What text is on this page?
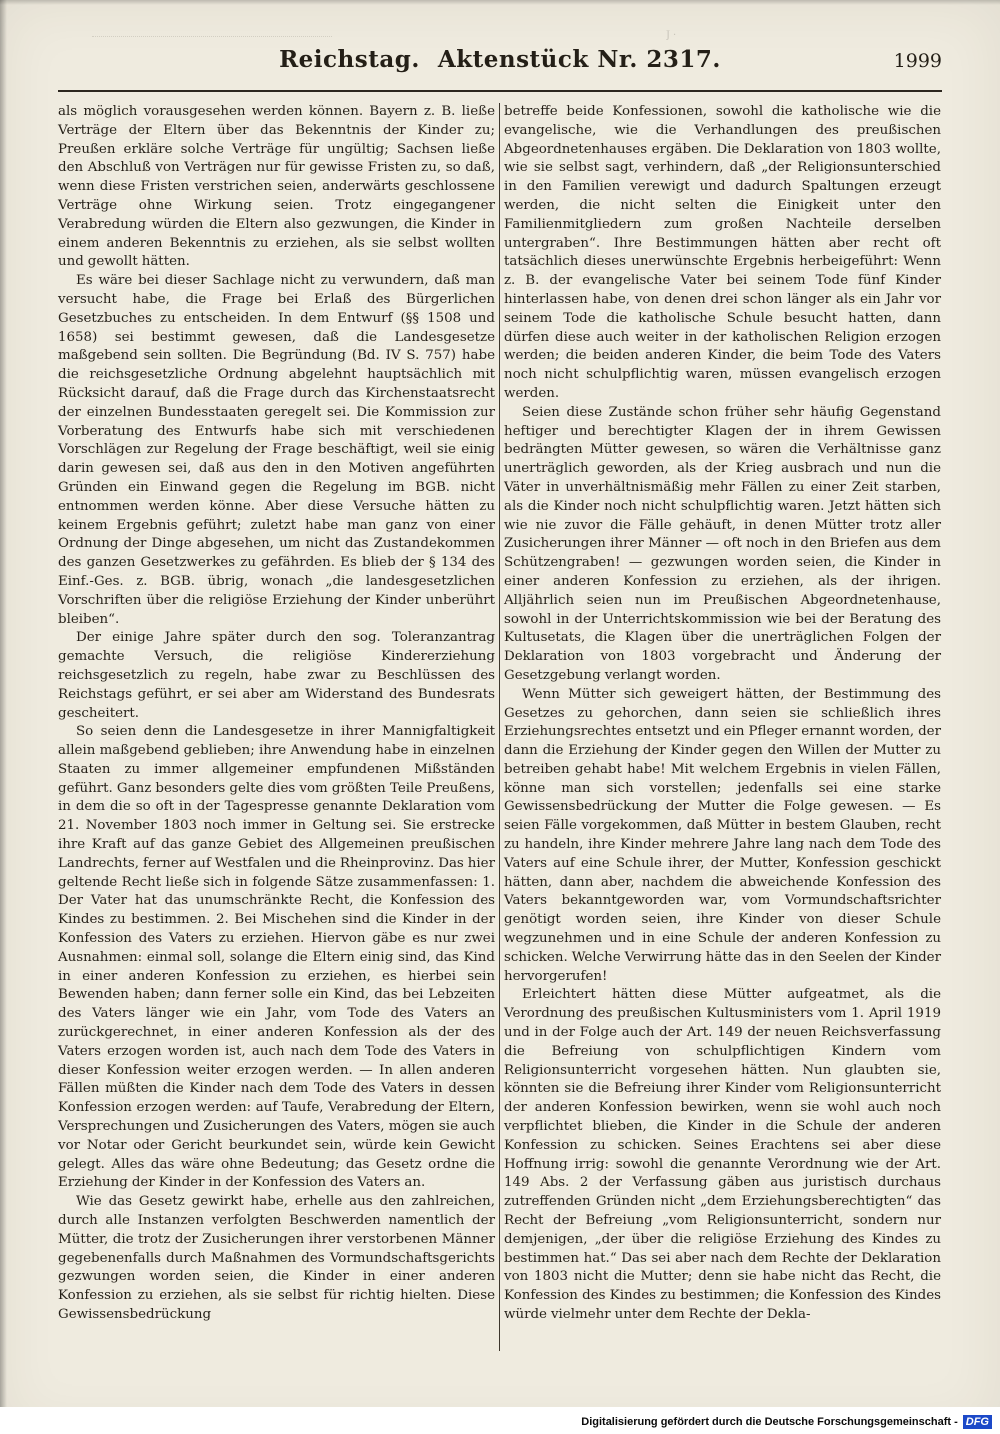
J·
Reichstag. Aktenstück Nr. 2317.	1999

als möglich vorausgesehen werden können. Bayern z. B. ließe Verträge der Eltern über das Bekenntnis der Kinder zu; Preußen erkläre solche Verträge für ungültig; Sachsen ließe den Abschluß von Verträgen nur für gewisse Fristen zu, so daß, wenn diese Fristen verstrichen seien, anderwärts geschlossene Verträge ohne Wirkung seien. Trotz eingegangener Verabredung würden die Eltern also gezwungen, die Kinder in einem anderen Bekenntnis zu erziehen, als sie selbst wollten und gewollt hätten.

Es wäre bei dieser Sachlage nicht zu verwundern, daß man versucht habe, die Frage bei Erlaß des Bürgerlichen Gesetzbuches zu entscheiden. In dem Entwurf (§§ 1508 und 1658) sei bestimmt gewesen, daß die Landesgesetze maßgebend sein sollten. Die Begründung (Bd. IV S. 757) habe die reichsgesetzliche Ordnung abgelehnt hauptsächlich mit Rücksicht darauf, daß die Frage durch das Kirchenstaatsrecht der einzelnen Bundesstaaten geregelt sei. Die Kommission zur Vorberatung des Entwurfs habe sich mit verschiedenen Vorschlägen zur Regelung der Frage beschäftigt, weil sie einig darin gewesen sei, daß aus den in den Motiven angeführten Gründen ein Einwand gegen die Regelung im BGB. nicht entnommen werden könne. Aber diese Versuche hätten zu keinem Ergebnis geführt; zuletzt habe man ganz von einer Ordnung der Dinge abgesehen, um nicht das Zustandekommen des ganzen Gesetzwerkes zu gefährden. Es blieb der § 134 des Einf.-Ges. z. BGB. übrig, wonach „die landesgesetzlichen Vorschriften über die religiöse Erziehung der Kinder unberührt bleiben“.

Der einige Jahre später durch den sog. Toleranzantrag gemachte Versuch, die religiöse Kindererziehung reichsgesetzlich zu regeln, habe zwar zu Beschlüssen des Reichstags geführt, er sei aber am Widerstand des Bundesrats gescheitert.

So seien denn die Landesgesetze in ihrer Mannigfaltigkeit allein maßgebend geblieben; ihre Anwendung habe in einzelnen Staaten zu immer allgemeiner empfundenen Mißständen geführt. Ganz besonders gelte dies vom größten Teile Preußens, in dem die so oft in der Tagespresse genannte Deklaration vom 21. November 1803 noch immer in Geltung sei. Sie erstrecke ihre Kraft auf das ganze Gebiet des Allgemeinen preußischen Landrechts, ferner auf Westfalen und die Rheinprovinz. Das hier geltende Recht ließe sich in folgende Sätze zusammenfassen: 1. Der Vater hat das unumschränkte Recht, die Konfession des Kindes zu bestimmen. 2. Bei Mischehen sind die Kinder in der Konfession des Vaters zu erziehen. Hiervon gäbe es nur zwei Ausnahmen: einmal soll, solange die Eltern einig sind, das Kind in einer anderen Konfession zu erziehen, es hierbei sein Bewenden haben; dann ferner solle ein Kind, das bei Lebzeiten des Vaters länger wie ein Jahr, vom Tode des Vaters an zurückgerechnet, in einer anderen Konfession als der des Vaters erzogen worden ist, auch nach dem Tode des Vaters in dieser Konfession weiter erzogen werden. — In allen anderen Fällen müßten die Kinder nach dem Tode des Vaters in dessen Konfession erzogen werden: auf Taufe, Verabredung der Eltern, Versprechungen und Zusicherungen des Vaters, mögen sie auch vor Notar oder Gericht beurkundet sein, würde kein Gewicht gelegt. Alles das wäre ohne Bedeutung; das Gesetz ordne die Erziehung der Kinder in der Konfession des Vaters an.

Wie das Gesetz gewirkt habe, erhelle aus den zahlreichen, durch alle Instanzen verfolgten Beschwerden namentlich der Mütter, die trotz der Zusicherungen ihrer verstorbenen Männer gegebenenfalls durch Maßnahmen des Vormundschaftsgerichts gezwungen worden seien, die Kinder in einer anderen Konfession zu erziehen, als sie selbst für richtig hielten. Diese Gewissensbedrückung

betreffe beide Konfessionen, sowohl die katholische wie die evangelische, wie die Verhandlungen des preußischen Abgeordnetenhauses ergäben. Die Deklaration von 1803 wollte, wie sie selbst sagt, verhindern, daß „der Religionsunterschied in den Familien verewigt und dadurch Spaltungen erzeugt werden, die nicht selten die Einigkeit unter den Familienmitgliedern zum großen Nachteile derselben untergraben“. Ihre Bestimmungen hätten aber recht oft tatsächlich dieses unerwünschte Ergebnis herbeigeführt: Wenn z. B. der evangelische Vater bei seinem Tode fünf Kinder hinterlassen habe, von denen drei schon länger als ein Jahr vor seinem Tode die katholische Schule besucht hatten, dann dürfen diese auch weiter in der katholischen Religion erzogen werden; die beiden anderen Kinder, die beim Tode des Vaters noch nicht schulpflichtig waren, müssen evangelisch erzogen werden.

Seien diese Zustände schon früher sehr häufig Gegenstand heftiger und berechtigter Klagen der in ihrem Gewissen bedrängten Mütter gewesen, so wären die Verhältnisse ganz unerträglich geworden, als der Krieg ausbrach und nun die Väter in unverhältnismäßig mehr Fällen zu einer Zeit starben, als die Kinder noch nicht schulpflichtig waren. Jetzt hätten sich wie nie zuvor die Fälle gehäuft, in denen Mütter trotz aller Zusicherungen ihrer Männer — oft noch in den Briefen aus dem Schützengraben! — gezwungen worden seien, die Kinder in einer anderen Konfession zu erziehen, als der ihrigen. Alljährlich seien nun im Preußischen Abgeordnetenhause, sowohl in der Unterrichtskommission wie bei der Beratung des Kultusetats, die Klagen über die unerträglichen Folgen der Deklaration von 1803 vorgebracht und Änderung der Gesetzgebung verlangt worden.

Wenn Mütter sich geweigert hätten, der Bestimmung des Gesetzes zu gehorchen, dann seien sie schließlich ihres Erziehungsrechtes entsetzt und ein Pfleger ernannt worden, der dann die Erziehung der Kinder gegen den Willen der Mutter zu betreiben gehabt habe! Mit welchem Ergebnis in vielen Fällen, könne man sich vorstellen; jedenfalls sei eine starke Gewissensbedrückung der Mutter die Folge gewesen. — Es seien Fälle vorgekommen, daß Mütter in bestem Glauben, recht zu handeln, ihre Kinder mehrere Jahre lang nach dem Tode des Vaters auf eine Schule ihrer, der Mutter, Konfession geschickt hätten, dann aber, nachdem die abweichende Konfession des Vaters bekanntgeworden war, vom Vormundschaftsrichter genötigt worden seien, ihre Kinder von dieser Schule wegzunehmen und in eine Schule der anderen Konfession zu schicken. Welche Verwirrung hätte das in den Seelen der Kinder hervorgerufen!

Erleichtert hätten diese Mütter aufgeatmet, als die Verordnung des preußischen Kultusministers vom 1. April 1919 und in der Folge auch der Art. 149 der neuen Reichsverfassung die Befreiung von schulpflichtigen Kindern vom Religionsunterricht vorgesehen hätten. Nun glaubten sie, könnten sie die Befreiung ihrer Kinder vom Religionsunterricht der anderen Konfession bewirken, wenn sie wohl auch noch verpflichtet blieben, die Kinder in die Schule der anderen Konfession zu schicken. Seines Erachtens sei aber diese Hoffnung irrig: sowohl die genannte Verordnung wie der Art. 149 Abs. 2 der Verfassung gäben aus juristisch durchaus zutreffenden Gründen nicht „dem Erziehungsberechtigten“ das Recht der Befreiung „vom Religionsunterricht, sondern nur demjenigen, „der über die religiöse Erziehung des Kindes zu bestimmen hat.“ Das sei aber nach dem Rechte der Deklaration von 1803 nicht die Mutter; denn sie habe nicht das Recht, die Konfession des Kindes zu bestimmen; die Konfession des Kindes würde vielmehr unter dem Rechte der Dekla-

Digitalisierung gefördert durch die Deutsche Forschungsgemeinschaft - DFG
